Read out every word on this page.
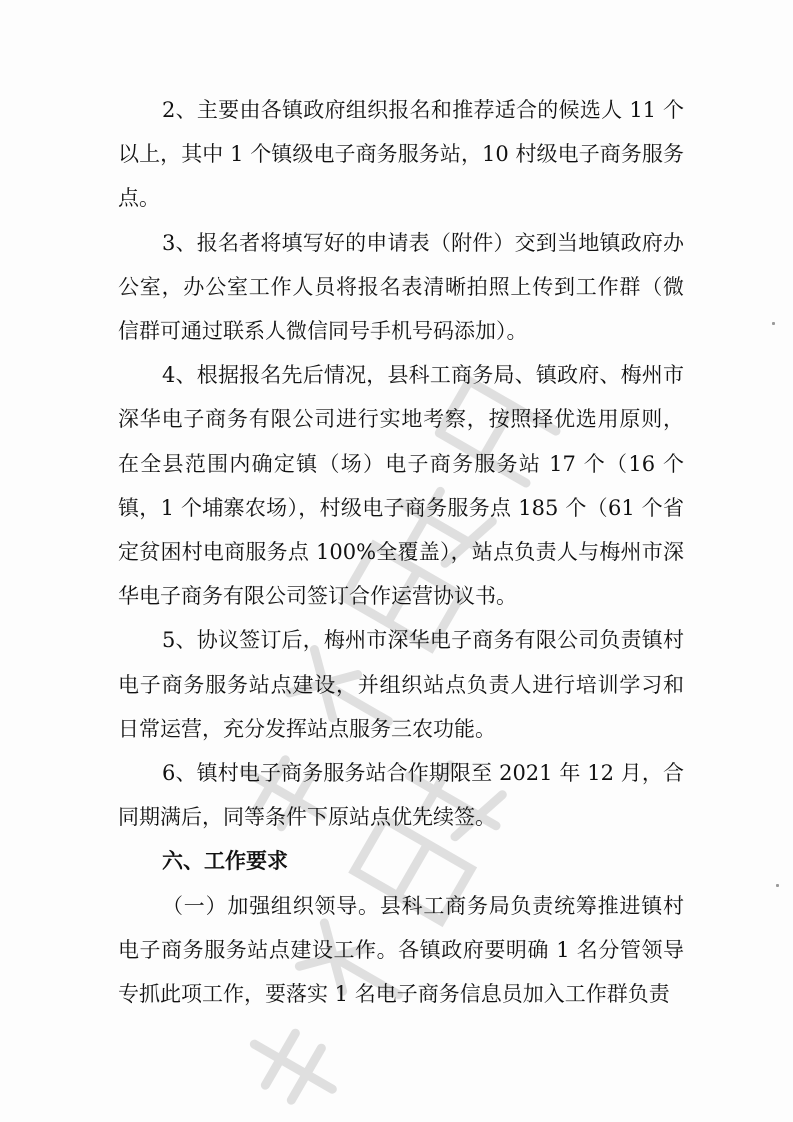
2、主要由各镇政府组织报名和推荐适合的候选人 11 个以上，其中 1 个镇级电子商务服务站，10 村级电子商务服务点。

3、报名者将填写好的申请表（附件）交到当地镇政府办公室，办公室工作人员将报名表清晰拍照上传到工作群（微信群可通过联系人微信同号手机号码添加）。

4、根据报名先后情况，县科工商务局、镇政府、梅州市深华电子商务有限公司进行实地考察，按照择优选用原则，在全县范围内确定镇（场）电子商务服务站 17 个（16 个镇，1 个埔寨农场），村级电子商务服务点 185 个（61 个省定贫困村电商服务点 100%全覆盖），站点负责人与梅州市深华电子商务有限公司签订合作运营协议书。

5、协议签订后，梅州市深华电子商务有限公司负责镇村电子商务服务站点建设，并组织站点负责人进行培训学习和日常运营，充分发挥站点服务三农功能。

6、镇村电子商务服务站合作期限至 2021 年 12 月，合同期满后，同等条件下原站点优先续签。

六、工作要求

（一）加强组织领导。县科工商务局负责统筹推进镇村电子商务服务站点建设工作。各镇政府要明确 1 名分管领导专抓此项工作，要落实 1 名电子商务信息员加入工作群负责
